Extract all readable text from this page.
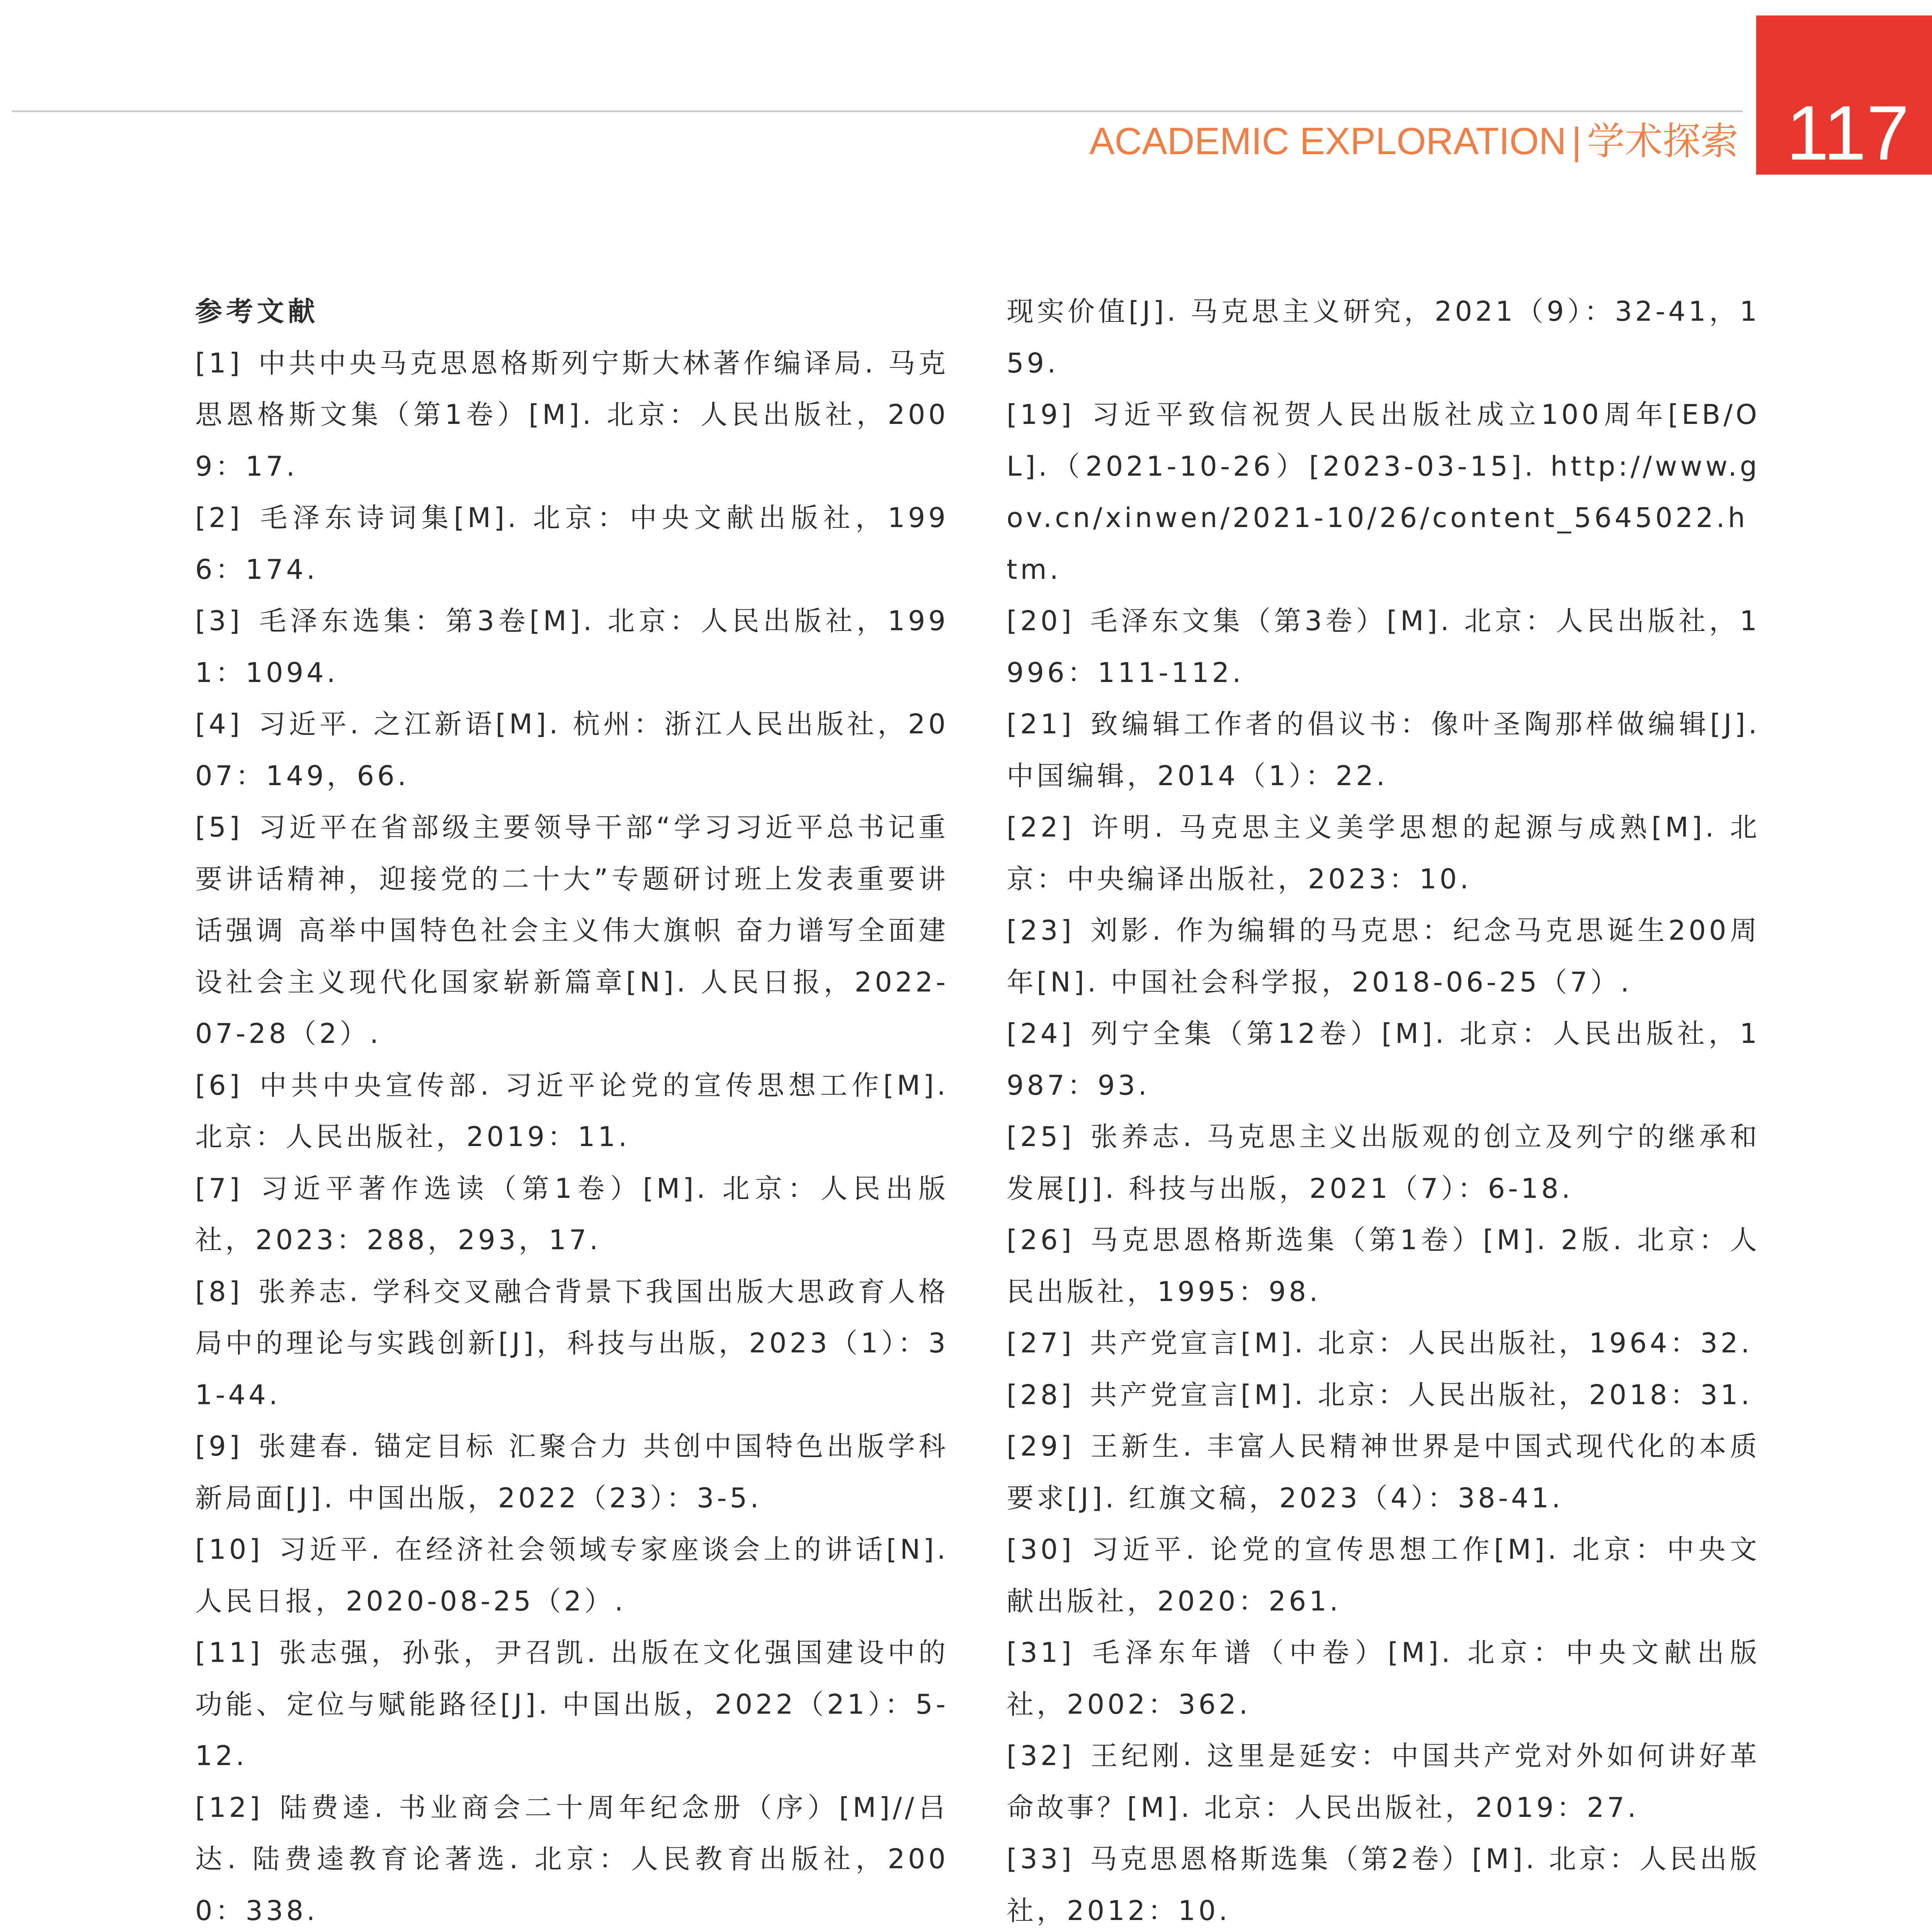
ACADEMIC EXPLORATION | 学术探索 117
参考文献
[1] 中共中央马克思恩格斯列宁斯大林著作编译局. 马克思恩格斯文集（第1卷）[M]. 北京：人民出版社，2009：17.
[2] 毛泽东诗词集[M]. 北京：中央文献出版社，1996：174.
[3] 毛泽东选集：第3卷[M]. 北京：人民出版社，1991：1094.
[4] 习近平. 之江新语[M]. 杭州：浙江人民出版社，2007：149，66.
[5] 习近平在省部级主要领导干部“学习习近平总书记重要讲话精神，迎接党的二十大”专题研讨班上发表重要讲话强调 高举中国特色社会主义伟大旗帜 奋力谱写全面建设社会主义现代化国家崭新篇章[N]. 人民日报，2022-07-28（2）.
[6] 中共中央宣传部. 习近平论党的宣传思想工作[M]. 北京：人民出版社，2019：11.
[7] 习近平著作选读（第1卷）[M]. 北京：人民出版社，2023：288，293，17.
[8] 张养志. 学科交叉融合背景下我国出版大思政育人格局中的理论与实践创新[J]，科技与出版，2023（1）：31-44.
[9] 张建春. 锚定目标 汇聚合力 共创中国特色出版学科新局面[J]. 中国出版，2022（23）：3-5.
[10] 习近平. 在经济社会领域专家座谈会上的讲话[N]. 人民日报，2020-08-25（2）.
[11] 张志强，孙张，尹召凯. 出版在文化强国建设中的功能、定位与赋能路径[J]. 中国出版，2022（21）：5-12.
[12] 陆费逵. 书业商会二十周年纪念册（序）[M]//吕达. 陆费逵教育论著选. 北京：人民教育出版社，2000：338.
现实价值[J]. 马克思主义研究，2021（9）：32-41，159.
[19] 习近平致信祝贺人民出版社成立100周年[EB/OL].（2021-10-26）[2023-03-15]. http://www.gov.cn/xinwen/2021-10/26/content_5645022.htm.
[20] 毛泽东文集（第3卷）[M]. 北京：人民出版社，1996：111-112.
[21] 致编辑工作者的倡议书：像叶圣陶那样做编辑[J]. 中国编辑，2014（1）：22.
[22] 许明. 马克思主义美学思想的起源与成熟[M]. 北京：中央编译出版社，2023：10.
[23] 刘影. 作为编辑的马克思：纪念马克思诞生200周年[N]. 中国社会科学报，2018-06-25（7）.
[24] 列宁全集（第12卷）[M]. 北京：人民出版社，1987：93.
[25] 张养志. 马克思主义出版观的创立及列宁的继承和发展[J]. 科技与出版，2021（7）：6-18.
[26] 马克思恩格斯选集（第1卷）[M]. 2版. 北京：人民出版社，1995：98.
[27] 共产党宣言[M]. 北京：人民出版社，1964：32.
[28] 共产党宣言[M]. 北京：人民出版社，2018：31.
[29] 王新生. 丰富人民精神世界是中国式现代化的本质要求[J]. 红旗文稿，2023（4）：38-41.
[30] 习近平. 论党的宣传思想工作[M]. 北京：中央文献出版社，2020：261.
[31] 毛泽东年谱（中卷）[M]. 北京：中央文献出版社，2002：362.
[32] 王纪刚. 这里是延安：中国共产党对外如何讲好革命故事？[M]. 北京：人民出版社，2019：27.
[33] 马克思恩格斯选集（第2卷）[M]. 北京：人民出版社，2012：10.
